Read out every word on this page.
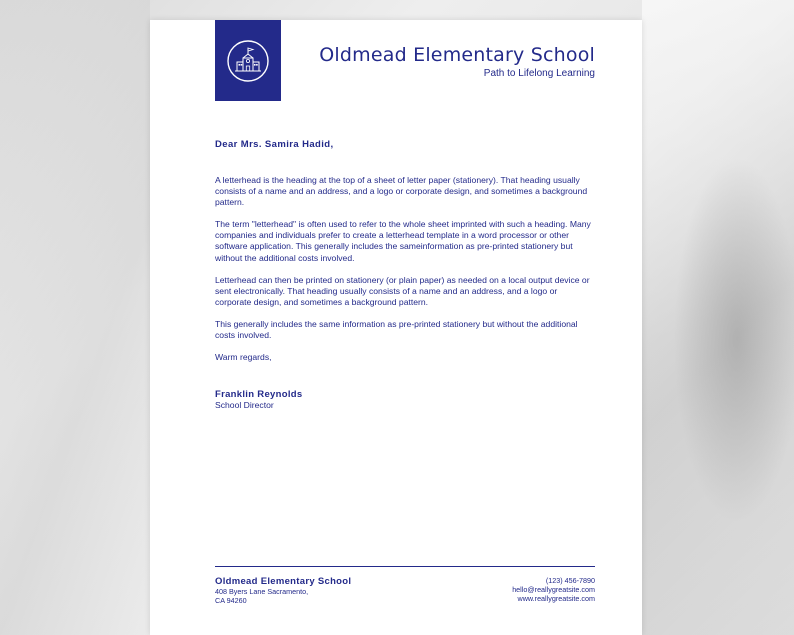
Oldmead Elementary School
Path to Lifelong Learning
Dear Mrs. Samira Hadid,

A letterhead is the heading at the top of a sheet of letter paper (stationery). That heading usually consists of a name and an address, and a logo or corporate design, and sometimes a background pattern.

The term "letterhead" is often used to refer to the whole sheet imprinted with such a heading. Many companies and individuals prefer to create a letterhead template in a word processor or other software application. This generally includes the sameinformation as pre-printed stationery but without the additional costs involved.

Letterhead can then be printed on stationery (or plain paper) as needed on a local output device or sent electronically. That heading usually consists of a name and an address, and a logo or corporate design, and sometimes a background pattern.

This generally includes the same information as pre-printed stationery but without the additional costs involved.

Warm regards,
Franklin Reynolds
School Director
Oldmead Elementary School
408 Byers Lane Sacramento,
CA 94260
(123) 456-7890
hello@reallygreatsite.com
www.reallygreatsite.com
